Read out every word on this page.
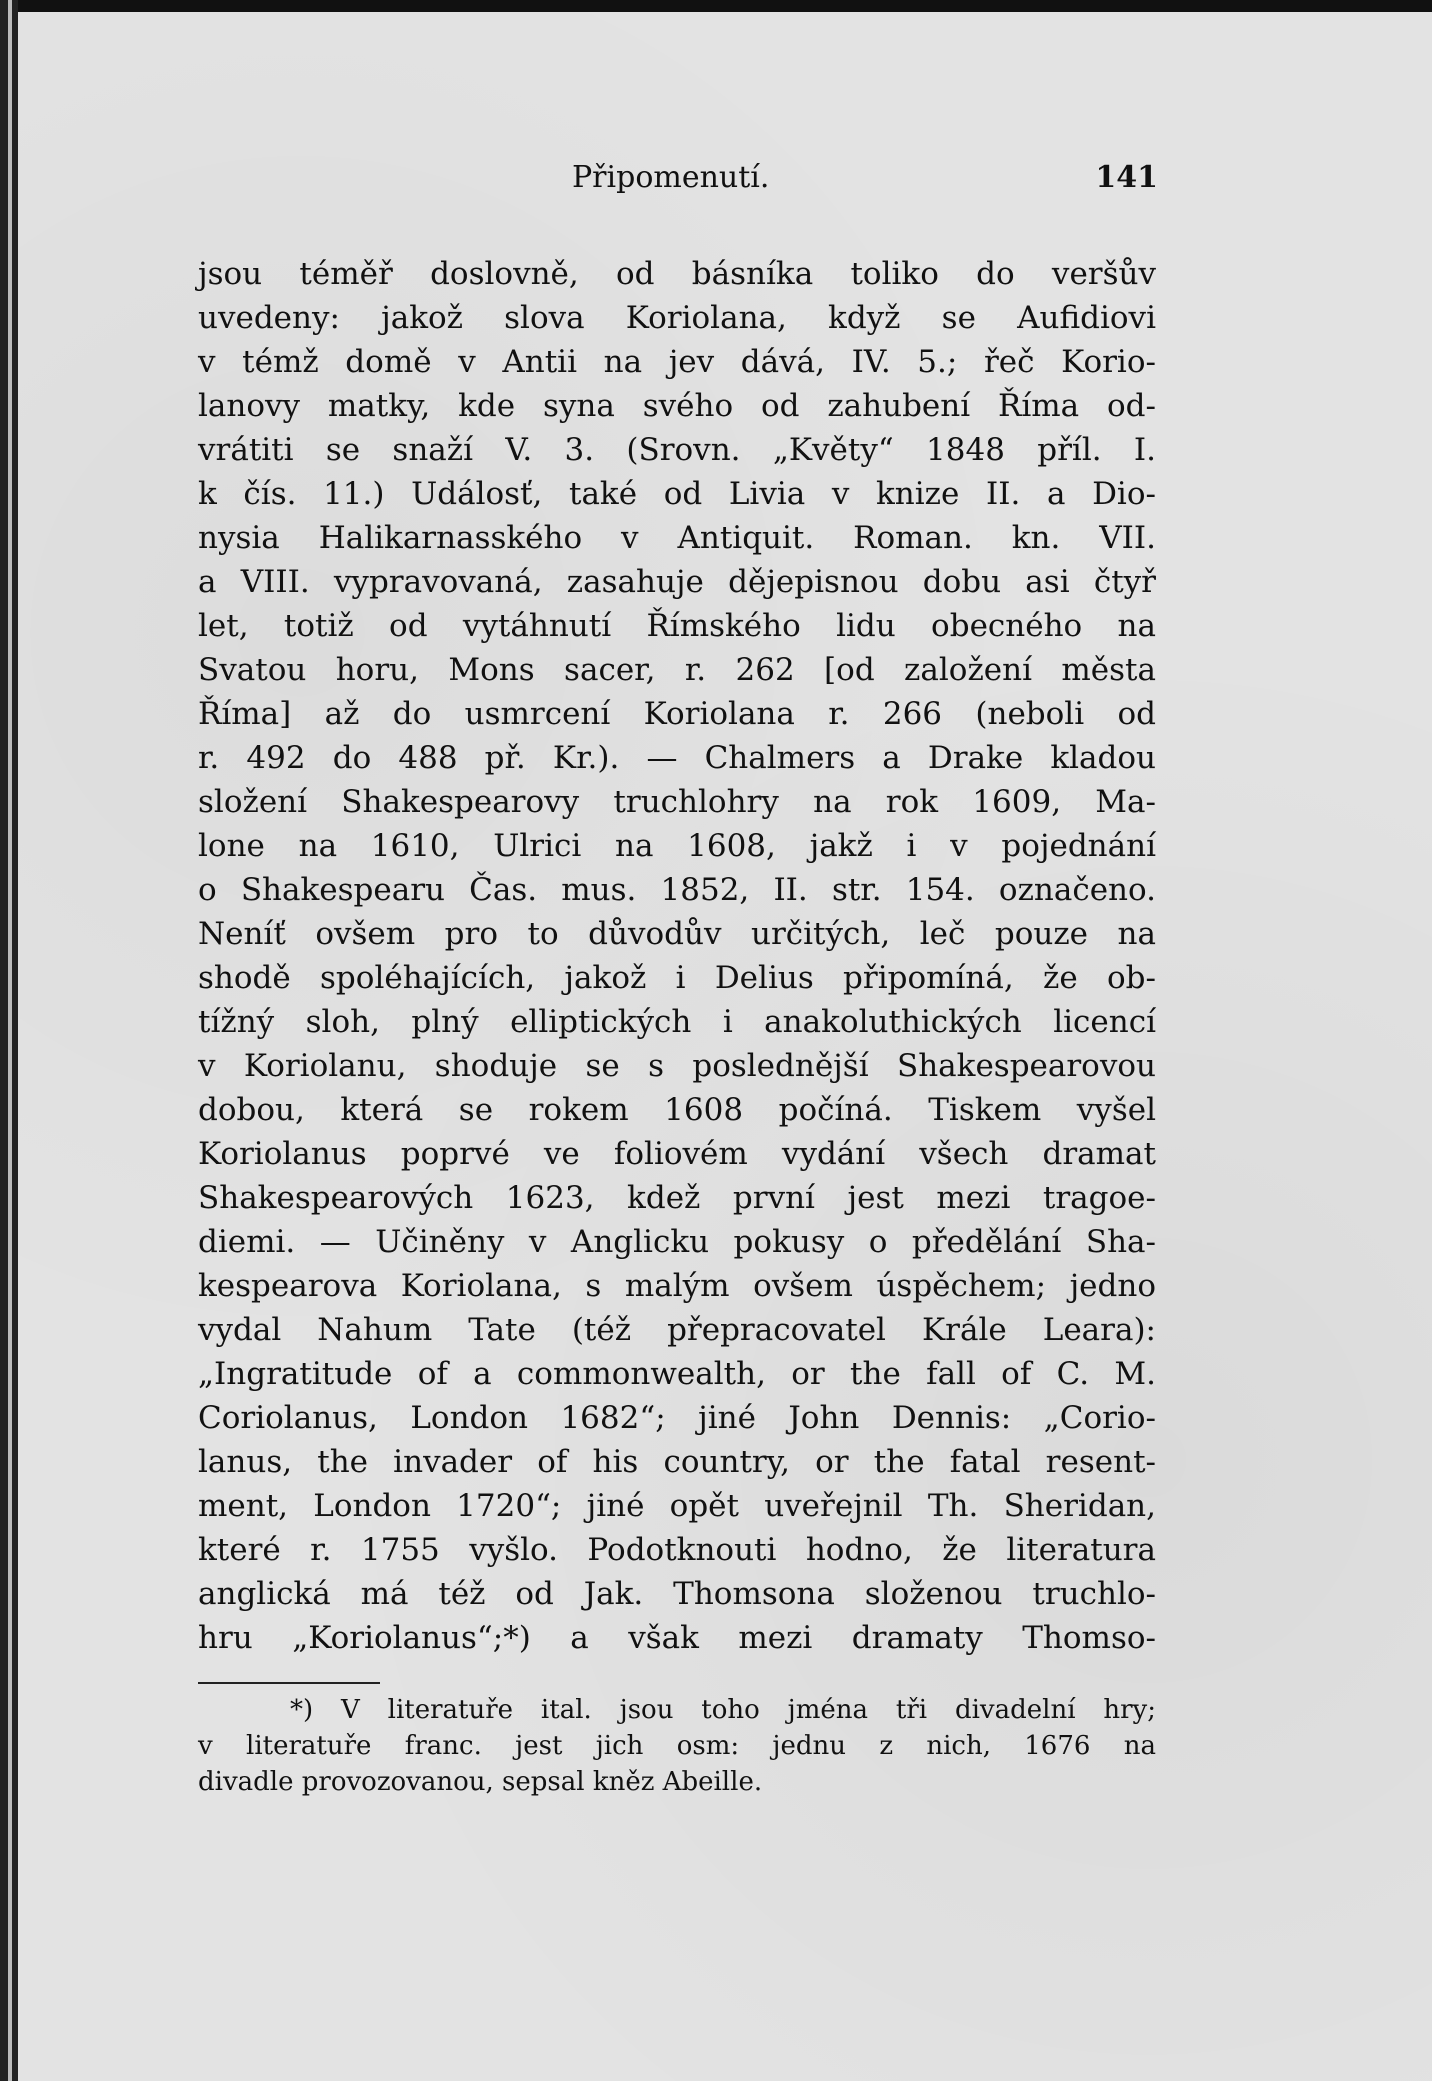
Připomenutí.	141
jsou téměř doslovně, od básníka toliko do veršův
uvedeny: jakož slova Koriolana, když se Aufidiovi
v témž domě v Antii na jev dává, IV. 5.; řeč Korio-
lanovy matky, kde syna svého od zahubení Říma od-
vrátiti se snaží V. 3. (Srovn. „Květy“ 1848 příl. I.
k čís. 11.) Událosť, také od Livia v knize II. a Dio-
nysia Halikarnasského v Antiquit. Roman. kn. VII.
a VIII. vypravovaná, zasahuje dějepisnou dobu asi čtyř
let, totiž od vytáhnutí Římského lidu obecného na
Svatou horu, Mons sacer, r. 262 [od založení města
Říma] až do usmrcení Koriolana r. 266 (neboli od
r. 492 do 488 př. Kr.). — Chalmers a Drake kladou
složení Shakespearovy truchlohry na rok 1609, Ma-
lone na 1610, Ulrici na 1608, jakž i v pojednání
o Shakespearu Čas. mus. 1852, II. str. 154. označeno.
Neníť ovšem pro to důvodův určitých, leč pouze na
shodě spoléhajících, jakož i Delius připomíná, že ob-
tížný sloh, plný elliptických i anakoluthických licencí
v Koriolanu, shoduje se s poslednější Shakespearovou
dobou, která se rokem 1608 počíná. Tiskem vyšel
Koriolanus poprvé ve foliovém vydání všech dramat
Shakespearových 1623, kdež první jest mezi tragoe-
diemi. — Učiněny v Anglicku pokusy o předělání Sha-
kespearova Koriolana, s malým ovšem úspěchem; jedno
vydal Nahum Tate (též přepracovatel Krále Leara):
„Ingratitude of a commonwealth, or the fall of C. M.
Coriolanus, London 1682“; jiné John Dennis: „Corio-
lanus, the invader of his country, or the fatal resent-
ment, London 1720“; jiné opět uveřejnil Th. Sheridan,
které r. 1755 vyšlo. Podotknouti hodno, že literatura
anglická má též od Jak. Thomsona složenou truchlo-
hru „Koriolanus“;*) a však mezi dramaty Thomso-
*) V literatuře ital. jsou toho jména tři divadelní hry;
v literatuře franc. jest jich osm: jednu z nich, 1676 na
divadle provozovanou, sepsal kněz Abeille.
